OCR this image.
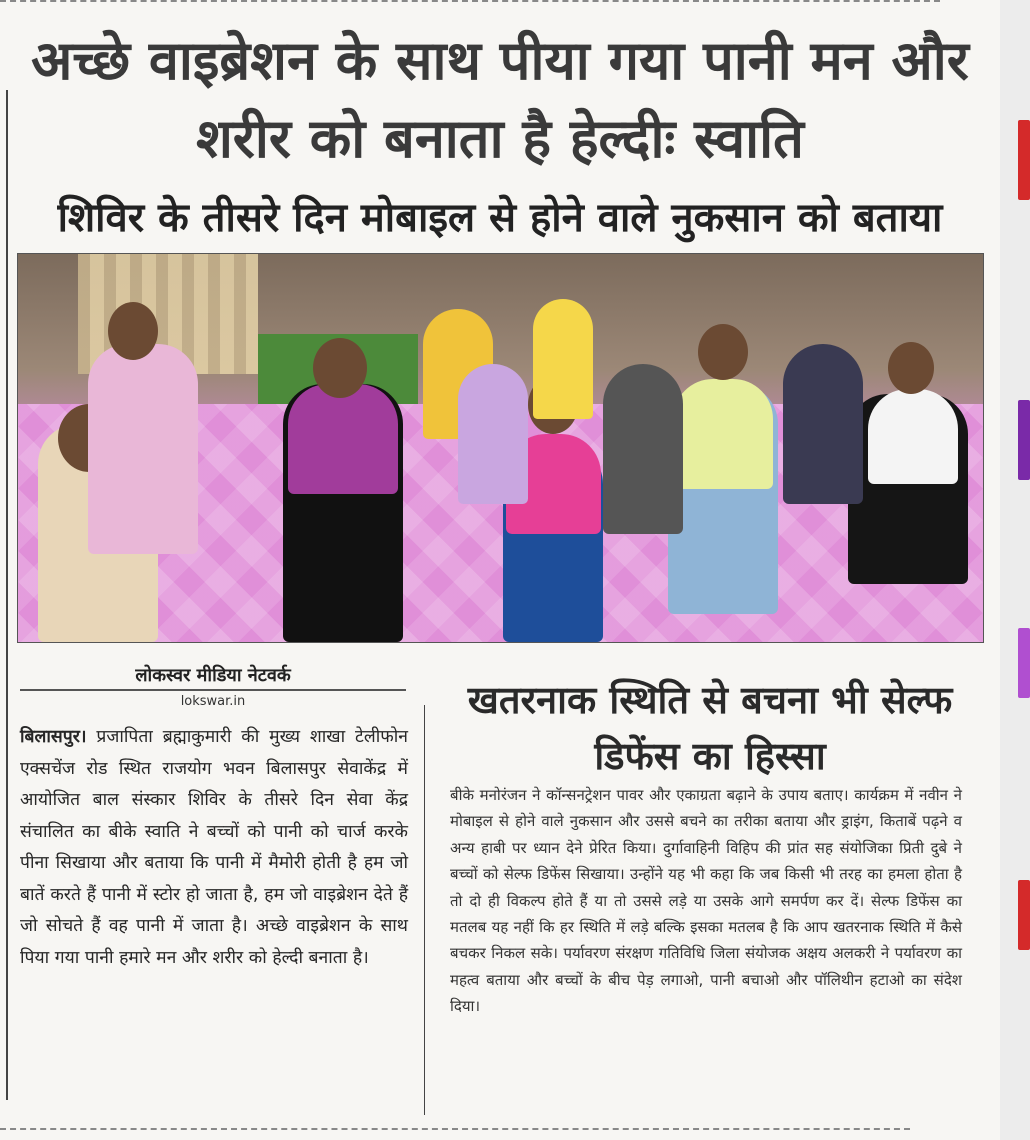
अच्छे वाइब्रेशन के साथ पीया गया पानी मन और शरीर को बनाता है हेल्दीः स्वाति
शिविर के तीसरे दिन मोबाइल से होने वाले नुकसान को बताया

लोकस्वर मीडिया नेटवर्क

lokswar.in

बिलासपुर। प्रजापिता ब्रह्माकुमारी की मुख्य शाखा टेलीफोन एक्सचेंज रोड स्थित राजयोग भवन बिलासपुर सेवाकेंद्र में आयोजित बाल संस्कार शिविर के तीसरे दिन सेवा केंद्र संचालित का बीके स्वाति ने बच्चों को पानी को चार्ज करके पीना सिखाया और बताया कि पानी में मैमोरी होती है हम जो बातें करते हैं पानी में स्टोर हो जाता है, हम जो वाइब्रेशन देते हैं जो सोचते हैं वह पानी में जाता है। अच्छे वाइब्रेशन के साथ पिया गया पानी हमारे मन और शरीर को हेल्दी बनाता है।

खतरनाक स्थिति से बचना भी सेल्फ डिफेंस का हिस्सा

बीके मनोरंजन ने कॉन्सनट्रेशन पावर और एकाग्रता बढ़ाने के उपाय बताए। कार्यक्रम में नवीन ने मोबाइल से होने वाले नुकसान और उससे बचने का तरीका बताया और ड्राइंग, किताबें पढ़ने व अन्य हाबी पर ध्यान देने प्रेरित किया। दुर्गावाहिनी विहिप की प्रांत सह संयोजिका प्रिती दुबे ने बच्चों को सेल्फ डिफेंस सिखाया। उन्होंने यह भी कहा कि जब किसी भी तरह का हमला होता है तो दो ही विकल्प होते हैं या तो उससे लड़े या उसके आगे समर्पण कर दें। सेल्फ डिफेंस का मतलब यह नहीं कि हर स्थिति में लड़े बल्कि इसका मतलब है कि आप खतरनाक स्थिति में कैसे बचकर निकल सके। पर्यावरण संरक्षण गतिविधि जिला संयोजक अक्षय अलकरी ने पर्यावरण का महत्व बताया और बच्चों के बीच पेड़ लगाओ, पानी बचाओ और पॉलिथीन हटाओ का संदेश दिया।
